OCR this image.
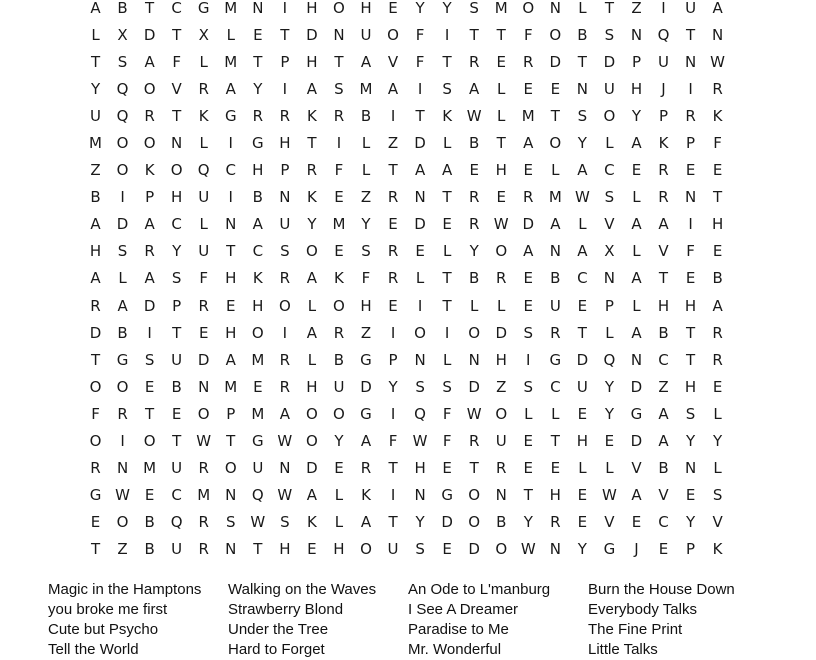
A	B	T	C	G M N	I	H	O	H	E	Y	Y	S	M O	N	L	T	Z	I	U	A
L	X	D	T	X	L	E	T	D	N	U	O	F	I	T	T	F	O	B	S	N	Q	T	N
T	S	A	F	L	M	T	P	H	T	A	V	F	T	R	E	R	D	T	D	P	U	N W
Y	Q	O	V	R	A	Y	I	A	S	M	A	I	S	A	L	E	E	N	U	H	J	I	R
U	Q	R	T	K	G	R	R	K	R	B	I	T	K W	L	M	T	S	O	Y	P	R	K
M O	O	N	L	I	G	H	T	I	L	Z	D	L	B	T	A	O	Y	L	A	K	P	F
Z	O	K	O	Q	C	H	P	R	F	L	T	A	A	E	H	E	L	A	C	E	R	E	E
B	I	P	H	U	I	B	N	K	E	Z	R	N	T	R	E	R	M W S	L	R	N	T
A	D	A	C	L	N	A	U	Y	M	Y	E	D	E	R W D	A	L	V	A	A	I	H
H	S	R	Y	U	T	C	S	O	E	S	R	E	L	Y	O	A	N	A	X	L	V	F	E
A	L	A	S	F	H	K	R	A	K	F	R	L	T	B	R	E	B	C	N	A	T	E	B
R	A	D	P	R	E	H	O	L	O	H	E	I	T	L	L	E	U	E	P	L	H	H	A
D	B	I	T	E	H	O	I	A	R	Z	I	O	I	O	D	S	R	T	L	A	B	T	R
T	G	S	U	D	A	M	R	L	B	G	P	N	L	N	H	I	G	D	Q	N	C	T	R
O	O	E	B	N M	E	R	H	U	D	Y	S	S	D	Z	S	C	U	Y	D	Z	H	E
F	R	T	E	O	P	M	A	O	O	G	I	Q	F	W O	L	L	E	Y	G	A	S	L
O	I	O	T	W	T	G W O	Y	A	F	W	F	R	U	E	T	H	E	D	A	Y	Y
R	N M	U	R	O	U	N	D	E	R	T	H	E	T	R	E	E	L	L	V	B	N	L
G W E	C	M N	Q W A	L	K	I	N	G	O	N	T	H	E W A	V	E	S
E	O	B	Q	R	S W S	K	L	A	T	Y	D	O	B	Y	R	E	V	E	C	Y	V
T	Z	B	U	R	N	T	H	E	H	O	U	S	E	D	O W N	Y	G	J	E	P	K
Magic in the Hamptons	Walking on the Waves	An Ode to L'manburg	Burn the House Down
you broke me first	Strawberry Blond	I See A Dreamer	Everybody Talks
Cute but Psycho	Under the Tree	Paradise to Me	The Fine Print
Tell the World	Hard to Forget	Mr. Wonderful	Little Talks
